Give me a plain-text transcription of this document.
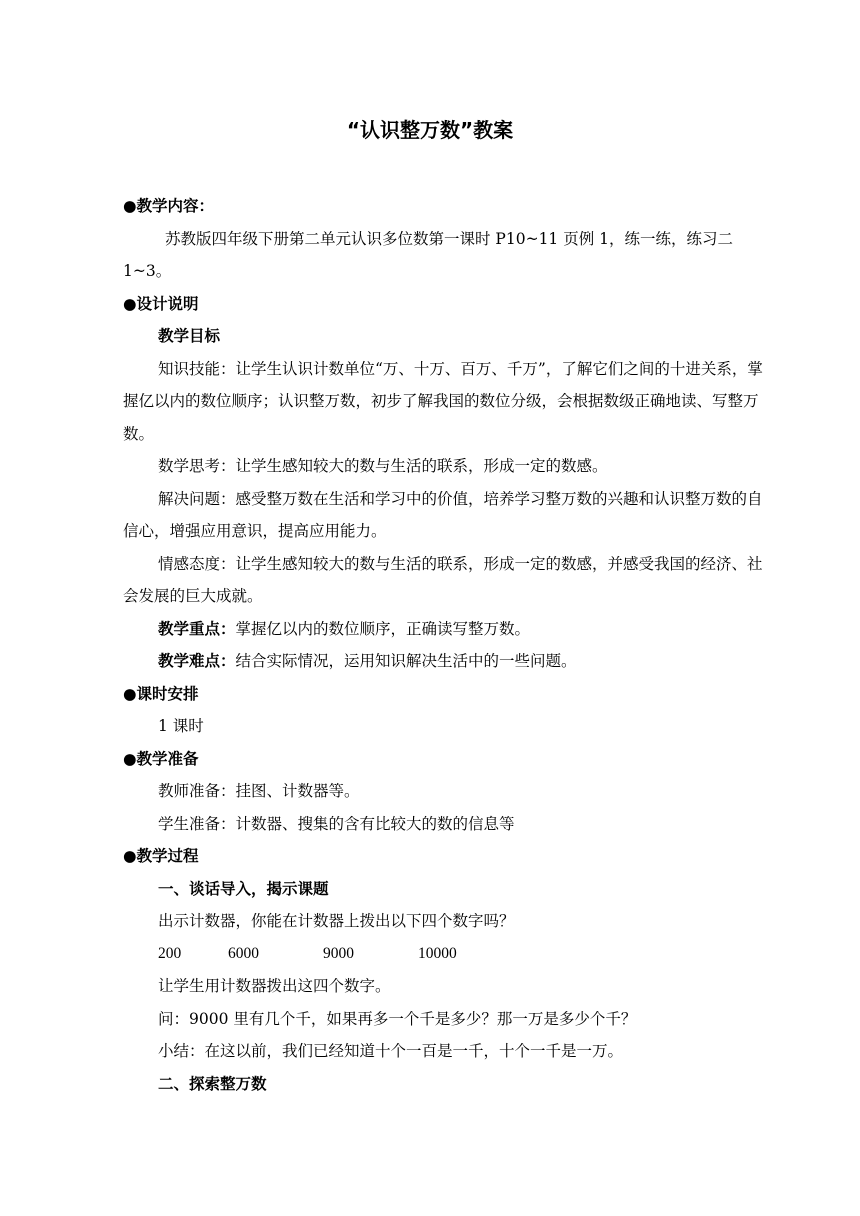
“认识整万数”教案

●教学内容：

苏教版四年级下册第二单元认识多位数第一课时 P10~11 页例 1，练一练，练习二 1~3。

●设计说明

教学目标

知识技能：让学生认识计数单位“万、十万、百万、千万”，了解它们之间的十进关系，掌握亿以内的数位顺序；认识整万数，初步了解我国的数位分级，会根据数级正确地读、写整万数。

数学思考：让学生感知较大的数与生活的联系，形成一定的数感。

解决问题：感受整万数在生活和学习中的价值，培养学习整万数的兴趣和认识整万数的自信心，增强应用意识，提高应用能力。

情感态度：让学生感知较大的数与生活的联系，形成一定的数感，并感受我国的经济、社会发展的巨大成就。

教学重点：掌握亿以内的数位顺序，正确读写整万数。

教学难点：结合实际情况，运用知识解决生活中的一些问题。

●课时安排

1 课时

●教学准备

教师准备：挂图、计数器等。

学生准备：计数器、搜集的含有比较大的数的信息等

●教学过程

一、谈话导入，揭示课题

出示计数器，你能在计数器上拨出以下四个数字吗？

200	6000	9000	10000

让学生用计数器拨出这四个数字。

问：9000 里有几个千，如果再多一个千是多少？那一万是多少个千？

小结：在这以前，我们已经知道十个一百是一千，十个一千是一万。

二、探索整万数
